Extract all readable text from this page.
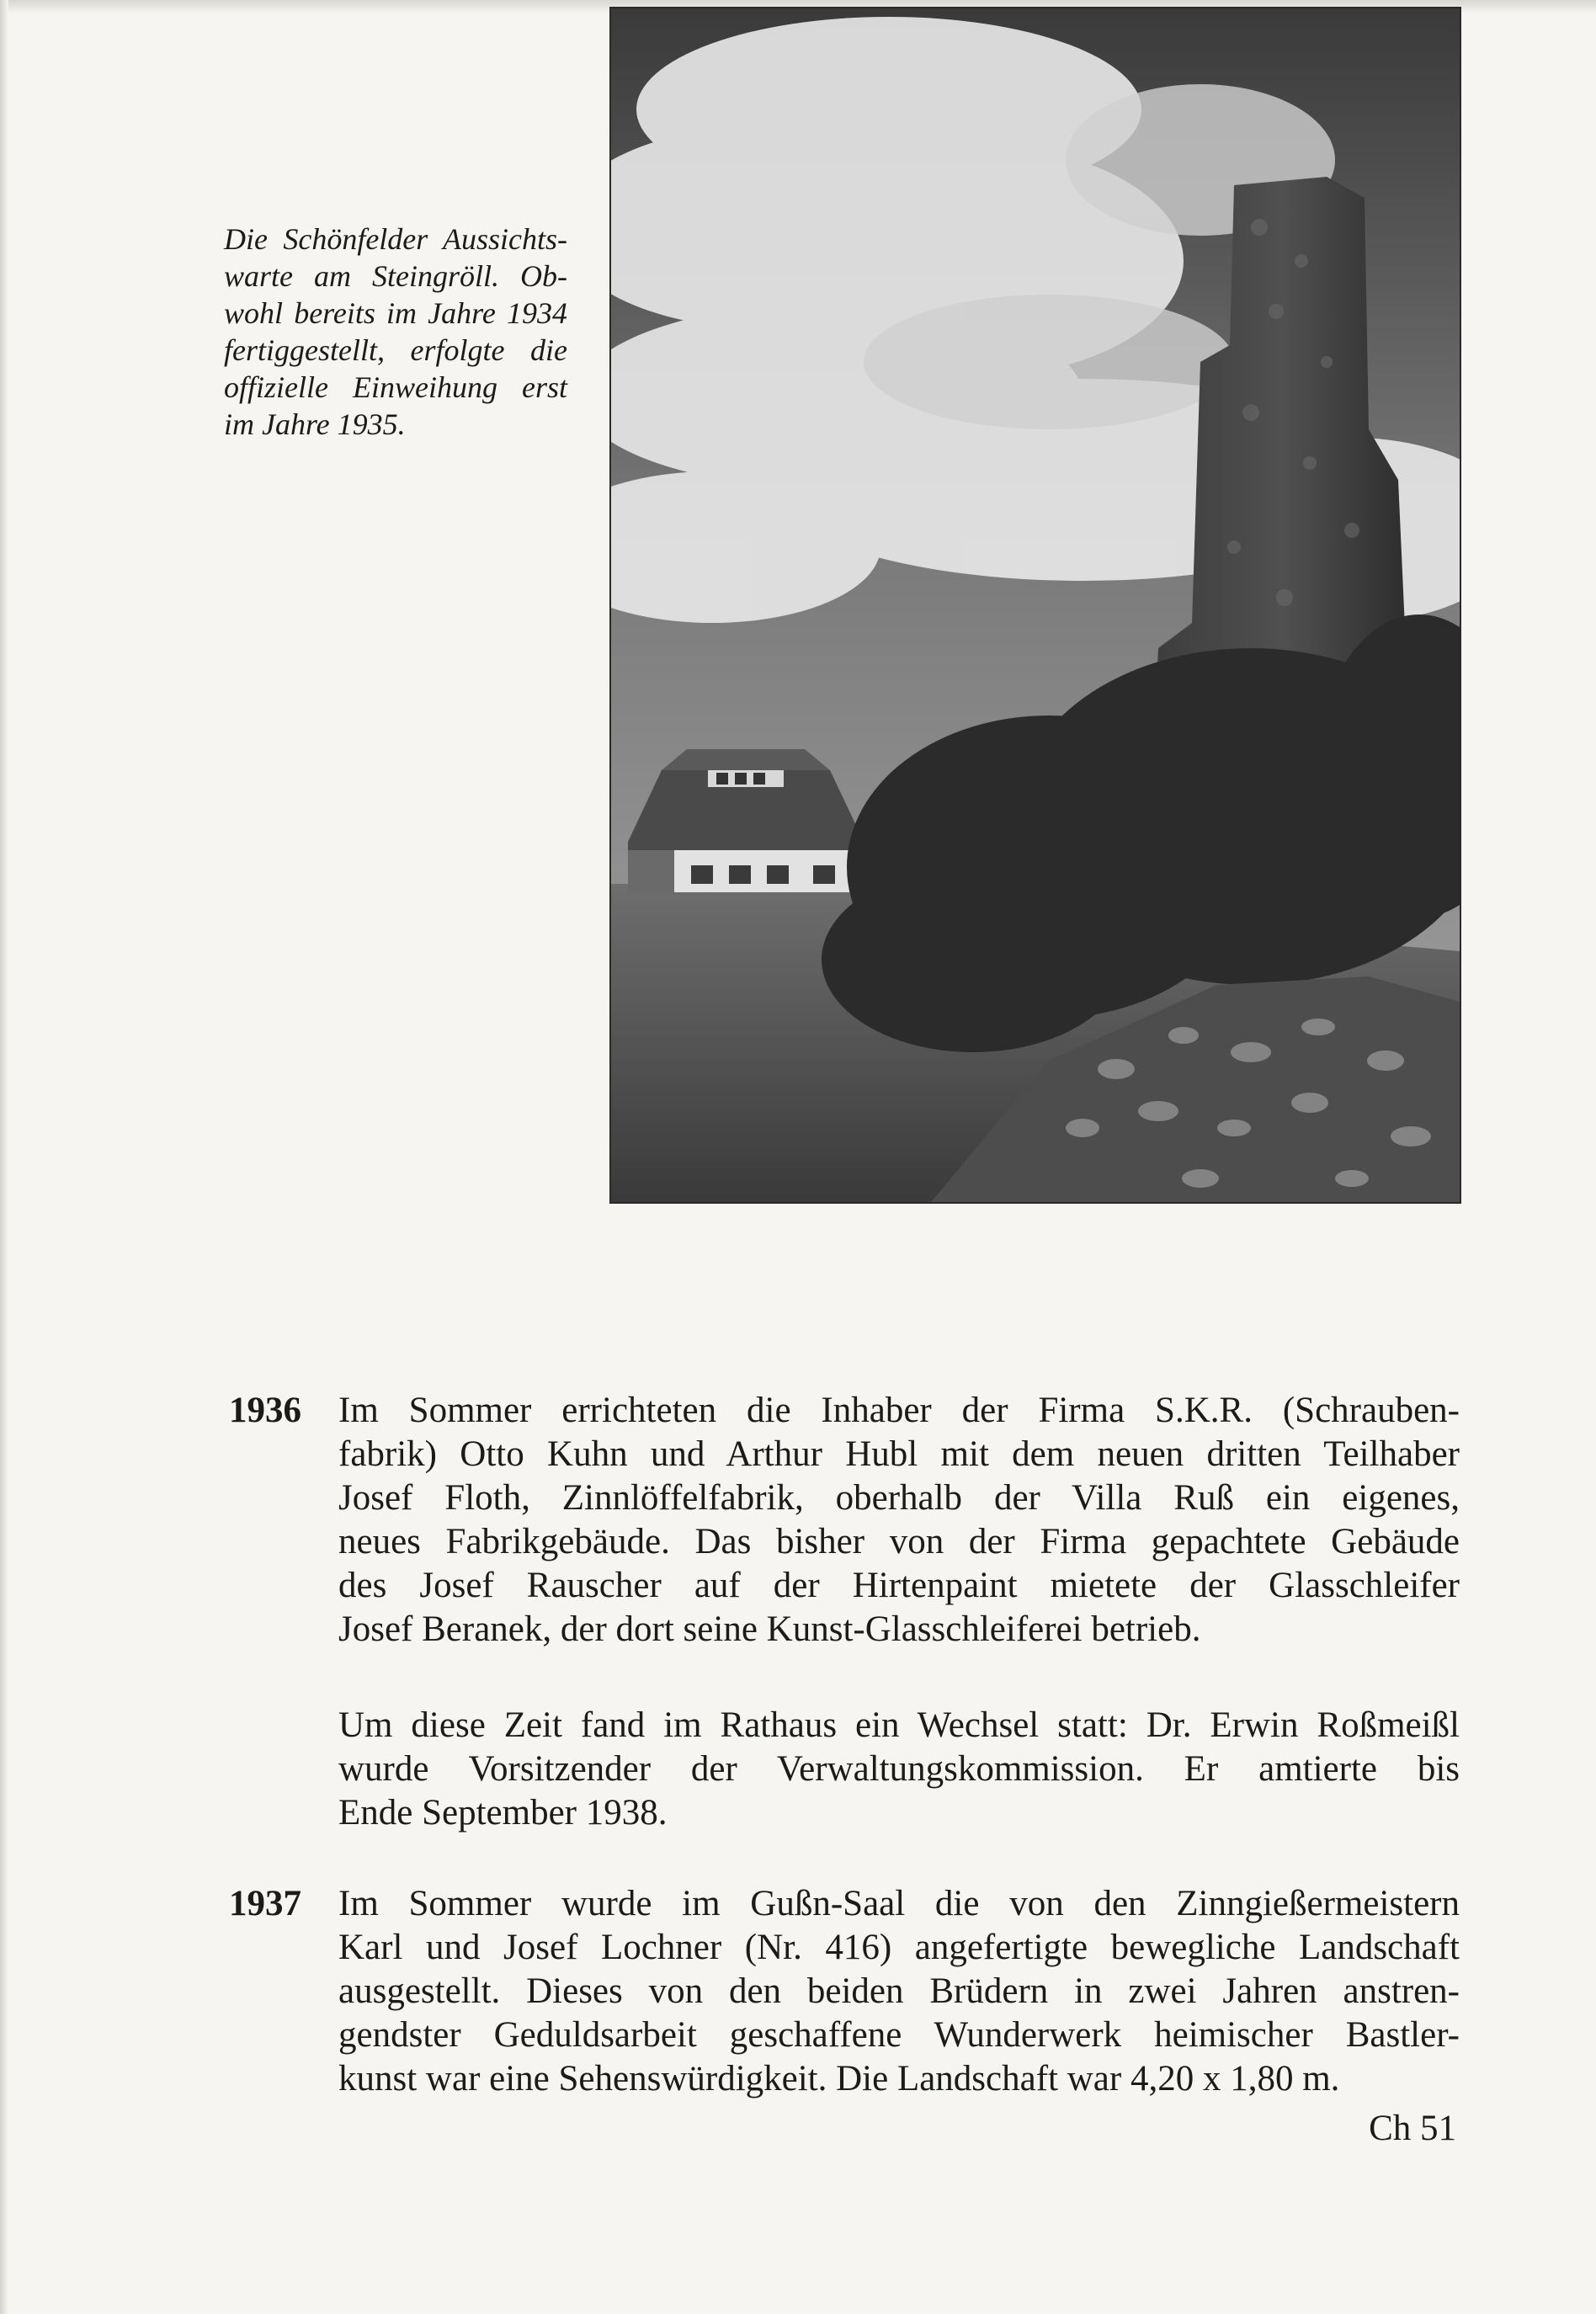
Die Schönfelder Aussichts-
warte am Steingröll. Ob-
wohl bereits im Jahre 1934
fertiggestellt, erfolgte die
offizielle Einweihung erst
im Jahre 1935.
1936	Im Sommer errichteten die Inhaber der Firma S.K.R. (Schrauben-
fabrik) Otto Kuhn und Arthur Hubl mit dem neuen dritten Teilhaber
Josef Floth, Zinnlöffelfabrik, oberhalb der Villa Ruß ein eigenes,
neues Fabrikgebäude. Das bisher von der Firma gepachtete Gebäude
des Josef Rauscher auf der Hirtenpaint mietete der Glasschleifer
Josef Beranek, der dort seine Kunst-Glasschleiferei betrieb.
Um diese Zeit fand im Rathaus ein Wechsel statt: Dr. Erwin Roßmeißl
wurde Vorsitzender der Verwaltungskommission. Er amtierte bis
Ende September 1938.
1937	Im Sommer wurde im Gußn-Saal die von den Zinngießermeistern
Karl und Josef Lochner (Nr. 416) angefertigte bewegliche Landschaft
ausgestellt. Dieses von den beiden Brüdern in zwei Jahren anstren-
gendster Geduldsarbeit geschaffene Wunderwerk heimischer Bastler-
kunst war eine Sehenswürdigkeit. Die Landschaft war 4,20 x 1,80 m.
Ch 51
